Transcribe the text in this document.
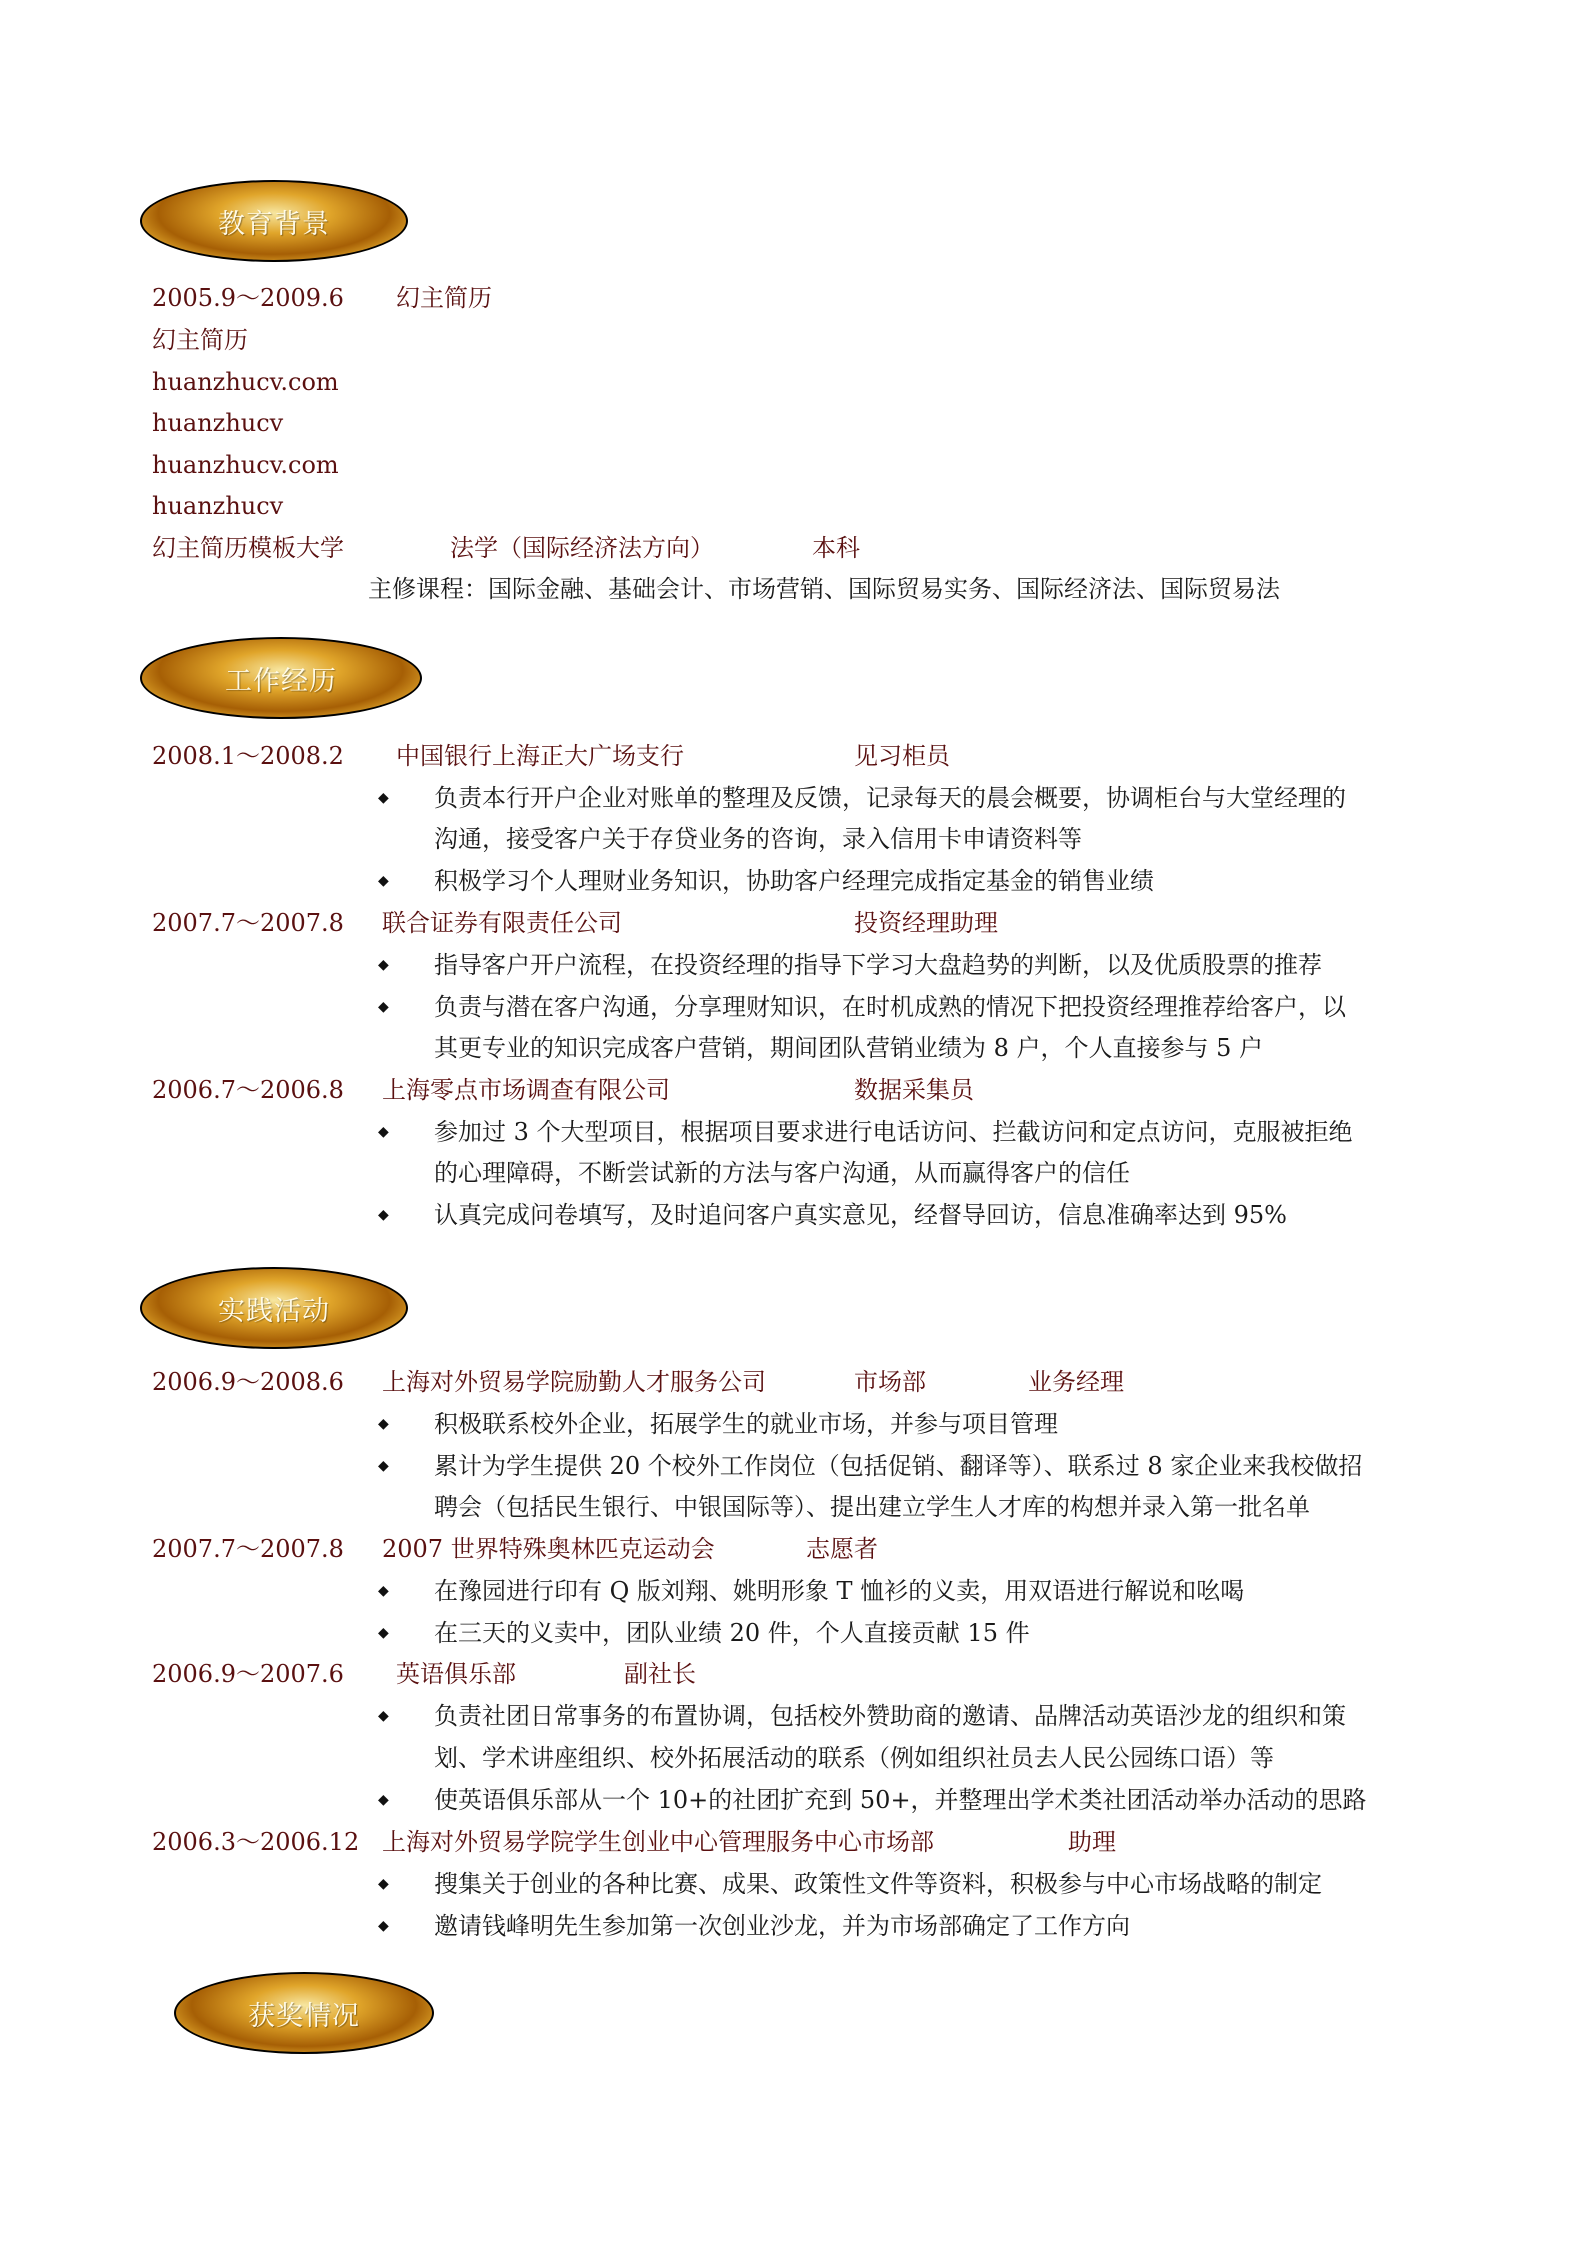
教育背景
2005.9～2009.6 幻主简历
幻主简历
huanzhucv.com
huanzhucv
huanzhucv.com
huanzhucv
幻主简历模板大学	法学（国际经济法方向）	本科
主修课程：国际金融、基础会计、市场营销、国际贸易实务、国际经济法、国际贸易法
工作经历
2008.1～2008.2 中国银行上海正大广场支行	见习柜员
◆ 负责本行开户企业对账单的整理及反馈，记录每天的晨会概要，协调柜台与大堂经理的
沟通，接受客户关于存贷业务的咨询，录入信用卡申请资料等
◆ 积极学习个人理财业务知识，协助客户经理完成指定基金的销售业绩
2007.7～2007.8 联合证券有限责任公司	投资经理助理
◆ 指导客户开户流程，在投资经理的指导下学习大盘趋势的判断，以及优质股票的推荐
◆ 负责与潜在客户沟通，分享理财知识，在时机成熟的情况下把投资经理推荐给客户，以
其更专业的知识完成客户营销，期间团队营销业绩为 8 户，个人直接参与 5 户
2006.7～2006.8 上海零点市场调查有限公司	数据采集员
◆ 参加过 3 个大型项目，根据项目要求进行电话访问、拦截访问和定点访问，克服被拒绝
的心理障碍，不断尝试新的方法与客户沟通，从而赢得客户的信任
◆ 认真完成问卷填写，及时追问客户真实意见，经督导回访，信息准确率达到 95%
实践活动
2006.9～2008.6 上海对外贸易学院励勤人才服务公司	市场部	业务经理
◆ 积极联系校外企业，拓展学生的就业市场，并参与项目管理
◆ 累计为学生提供 20 个校外工作岗位（包括促销、翻译等）、联系过 8 家企业来我校做招
聘会（包括民生银行、中银国际等）、提出建立学生人才库的构想并录入第一批名单
2007.7～2007.8 2007 世界特殊奥林匹克运动会	志愿者
◆ 在豫园进行印有 Q 版刘翔、姚明形象 T 恤衫的义卖，用双语进行解说和吆喝
◆ 在三天的义卖中，团队业绩 20 件，个人直接贡献 15 件
2006.9～2007.6 英语俱乐部	副社长
◆ 负责社团日常事务的布置协调，包括校外赞助商的邀请、品牌活动英语沙龙的组织和策
划、学术讲座组织、校外拓展活动的联系（例如组织社员去人民公园练口语）等
◆ 使英语俱乐部从一个 10+的社团扩充到 50+，并整理出学术类社团活动举办活动的思路
2006.3～2006.12 上海对外贸易学院学生创业中心管理服务中心市场部	助理
◆ 搜集关于创业的各种比赛、成果、政策性文件等资料，积极参与中心市场战略的制定
◆ 邀请钱峰明先生参加第一次创业沙龙，并为市场部确定了工作方向
获奖情况
